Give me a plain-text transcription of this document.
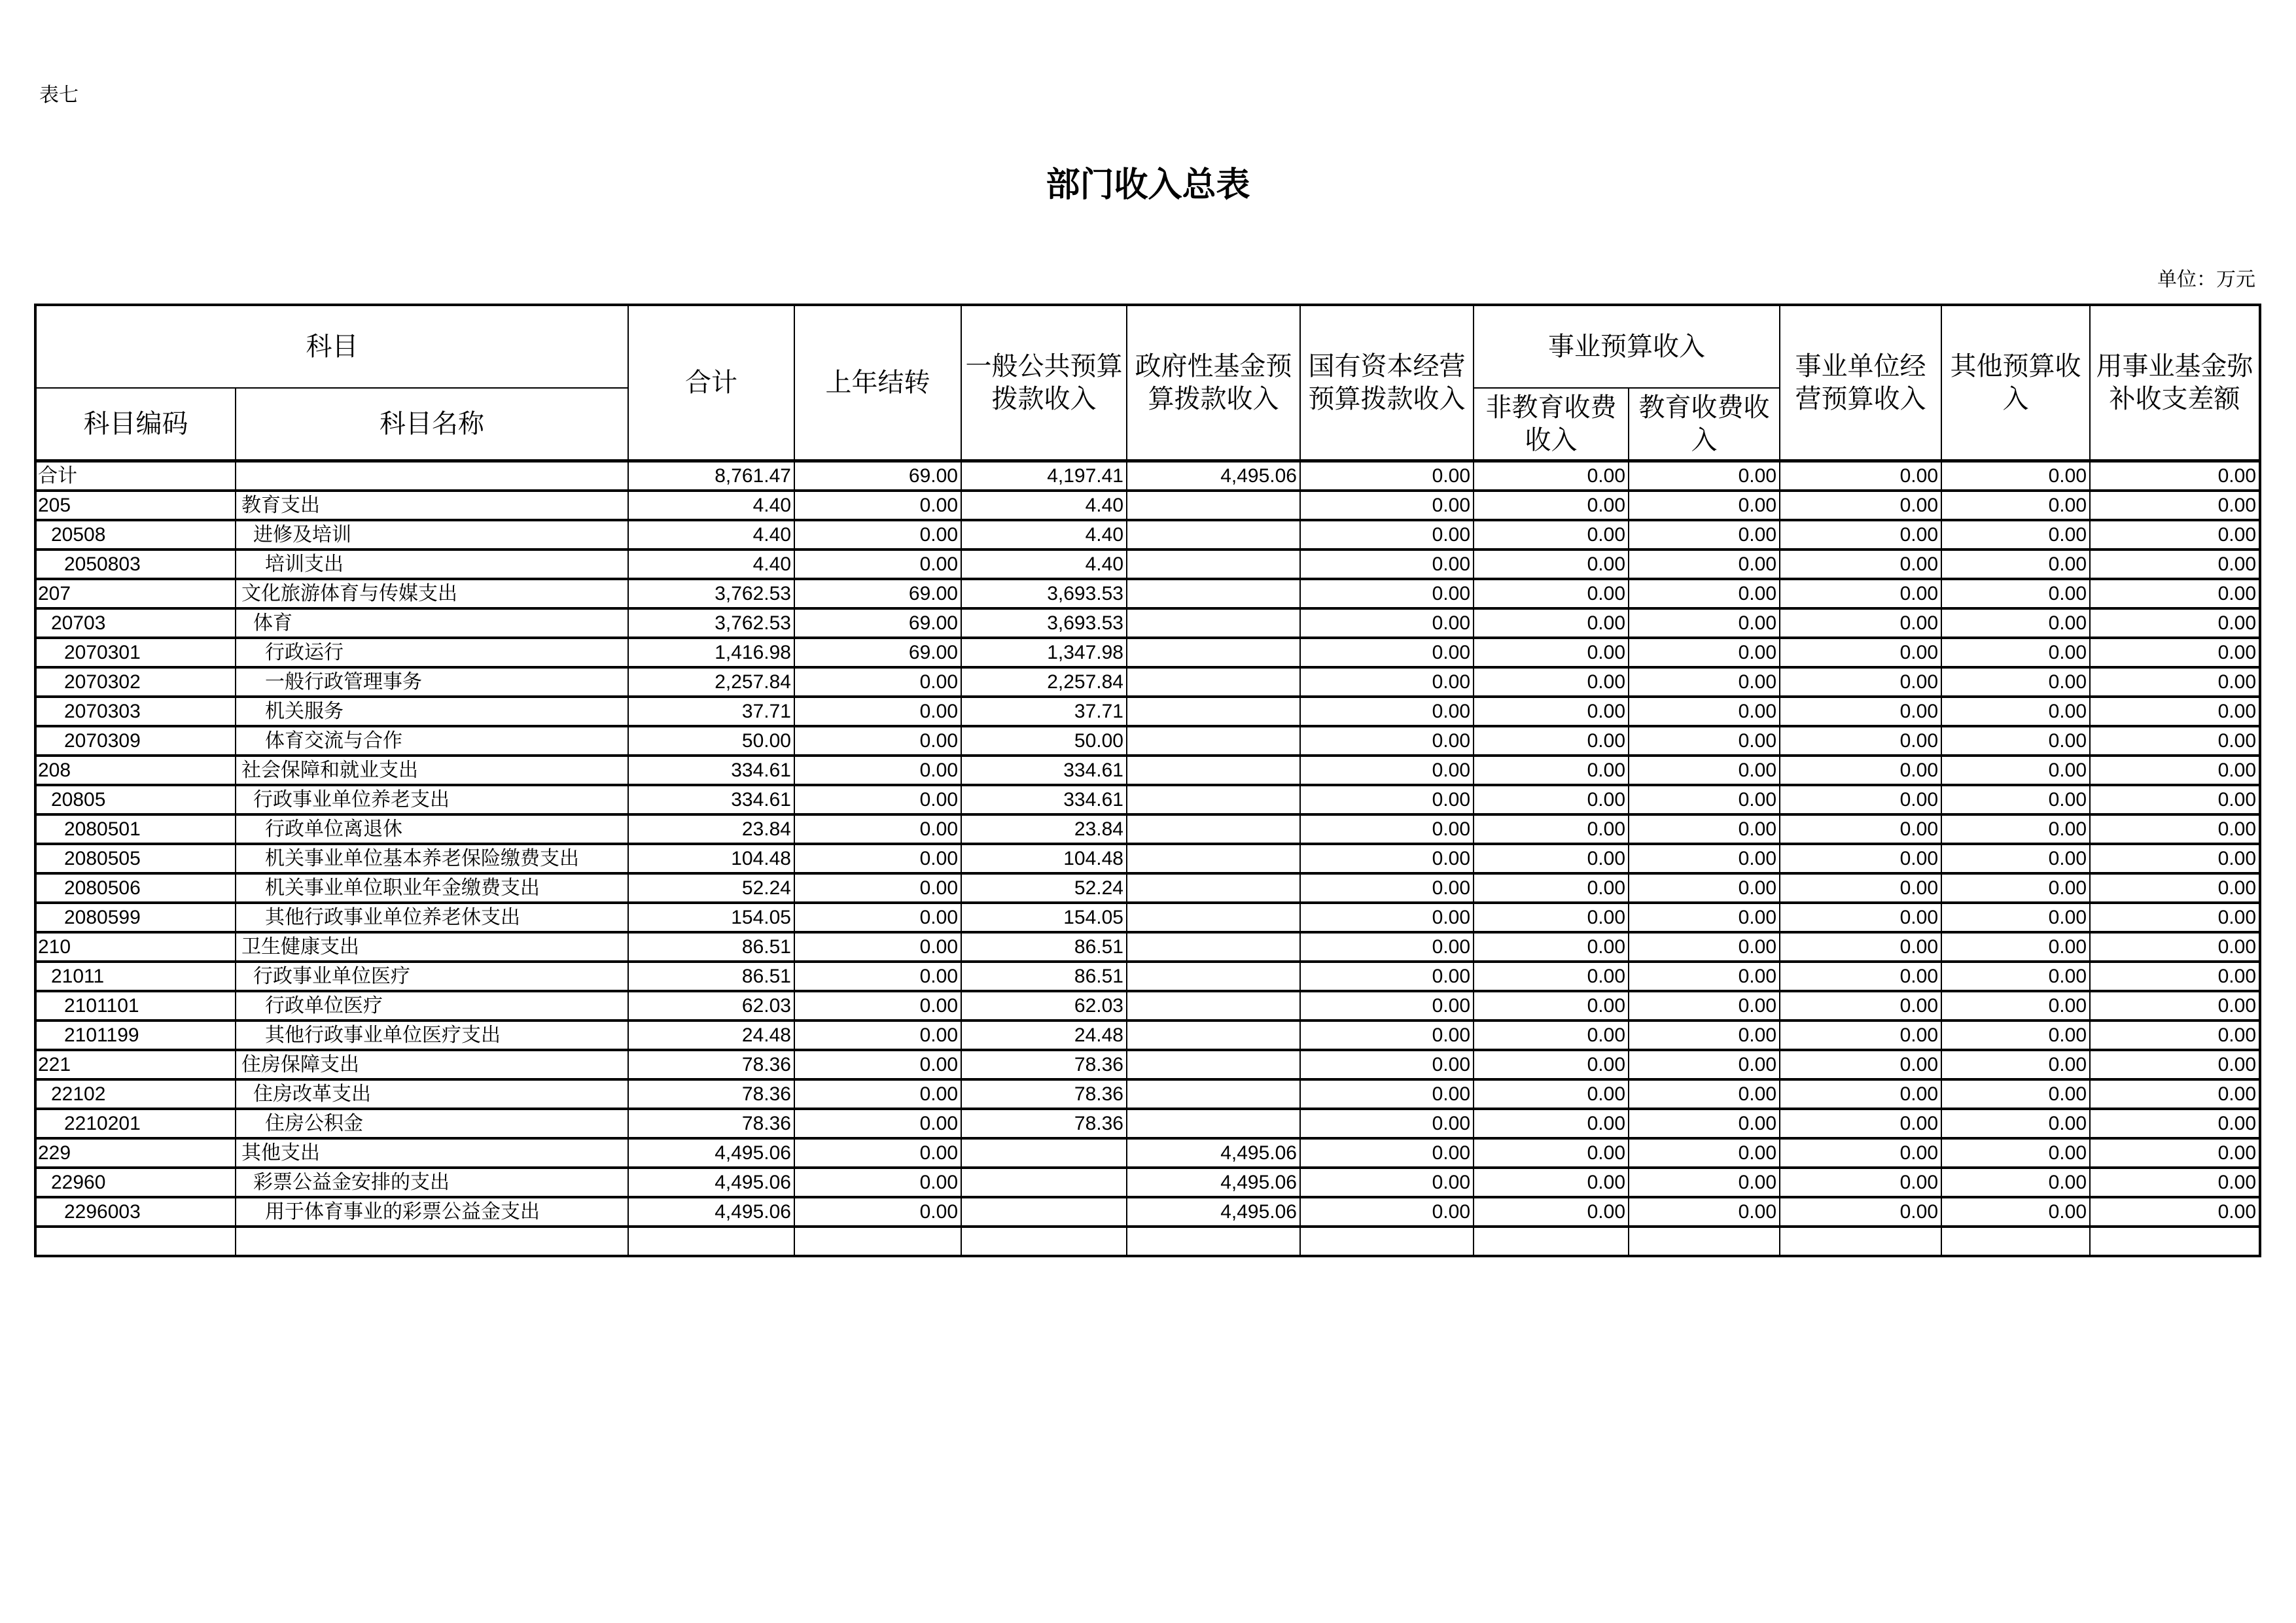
表七
部门收入总表
单位：万元
科目		合计	上年结转	一般公共预算拨款收入	政府性基金预算拨款收入	国有资本经营预算拨款收入	事业预算收入		事业单位经营预算收入	其他预算收入	用事业基金弥补收支差额
科目编码	科目名称						非教育收费收入	教育收费收入			
合计		8,761.47	69.00	4,197.41	4,495.06	0.00	0.00	0.00	0.00	0.00	0.00
205	教育支出	4.40	0.00	4.40		0.00	0.00	0.00	0.00	0.00	0.00
20508	进修及培训	4.40	0.00	4.40		0.00	0.00	0.00	0.00	0.00	0.00
2050803	培训支出	4.40	0.00	4.40		0.00	0.00	0.00	0.00	0.00	0.00
207	文化旅游体育与传媒支出	3,762.53	69.00	3,693.53		0.00	0.00	0.00	0.00	0.00	0.00
20703	体育	3,762.53	69.00	3,693.53		0.00	0.00	0.00	0.00	0.00	0.00
2070301	行政运行	1,416.98	69.00	1,347.98		0.00	0.00	0.00	0.00	0.00	0.00
2070302	一般行政管理事务	2,257.84	0.00	2,257.84		0.00	0.00	0.00	0.00	0.00	0.00
2070303	机关服务	37.71	0.00	37.71		0.00	0.00	0.00	0.00	0.00	0.00
2070309	体育交流与合作	50.00	0.00	50.00		0.00	0.00	0.00	0.00	0.00	0.00
208	社会保障和就业支出	334.61	0.00	334.61		0.00	0.00	0.00	0.00	0.00	0.00
20805	行政事业单位养老支出	334.61	0.00	334.61		0.00	0.00	0.00	0.00	0.00	0.00
2080501	行政单位离退休	23.84	0.00	23.84		0.00	0.00	0.00	0.00	0.00	0.00
2080505	机关事业单位基本养老保险缴费支出	104.48	0.00	104.48		0.00	0.00	0.00	0.00	0.00	0.00
2080506	机关事业单位职业年金缴费支出	52.24	0.00	52.24		0.00	0.00	0.00	0.00	0.00	0.00
2080599	其他行政事业单位养老休支出	154.05	0.00	154.05		0.00	0.00	0.00	0.00	0.00	0.00
210	卫生健康支出	86.51	0.00	86.51		0.00	0.00	0.00	0.00	0.00	0.00
21011	行政事业单位医疗	86.51	0.00	86.51		0.00	0.00	0.00	0.00	0.00	0.00
2101101	行政单位医疗	62.03	0.00	62.03		0.00	0.00	0.00	0.00	0.00	0.00
2101199	其他行政事业单位医疗支出	24.48	0.00	24.48		0.00	0.00	0.00	0.00	0.00	0.00
221	住房保障支出	78.36	0.00	78.36		0.00	0.00	0.00	0.00	0.00	0.00
22102	住房改革支出	78.36	0.00	78.36		0.00	0.00	0.00	0.00	0.00	0.00
2210201	住房公积金	78.36	0.00	78.36		0.00	0.00	0.00	0.00	0.00	0.00
229	其他支出	4,495.06	0.00		4,495.06	0.00	0.00	0.00	0.00	0.00	0.00
22960	彩票公益金安排的支出	4,495.06	0.00		4,495.06	0.00	0.00	0.00	0.00	0.00	0.00
2296003	用于体育事业的彩票公益金支出	4,495.06	0.00		4,495.06	0.00	0.00	0.00	0.00	0.00	0.00
